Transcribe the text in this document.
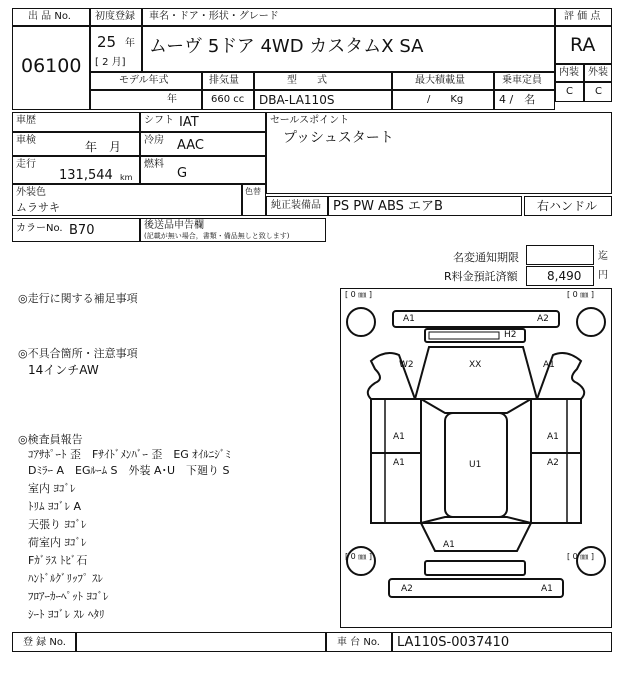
出 品 No.
06100
初度登録 車名・ドア・形状・グレード
25 年
[ 2 月]
ムーヴ 5ドア 4WD カスタムX SA
モデル年式	排気量	型　　式	最大積載量	乗車定員
年	660 cc DBA-LA110S	/　　Kg	4 /　名
評 価 点
RA
内装 外装
C C
車歴	シフト IAT
車検	年　月 冷房 AAC
走行
131,544 km
燃料
G
セールスポイント
プッシュスタート
外装色
ムラサキ
色替
純正装備品 PS PW ABS エアB	右ハンドル
カラーNo. B70	後送品申告欄
(記載が無い場合，書類・備品無しと致します)
名変通知期限	迄
R料金預託済額 8,490 円
◎走行に関する補足事項
◎不具合箇所・注意事項
14インチAW
◎検査員報告
ｺｱｻﾎﾟｰﾄ 歪　Fｻｲﾄﾞﾒﾝﾊﾞｰ 歪　EG ｵｲﾙﾆｼﾞﾐ
Dﾐﾗｰ A　EGﾙｰﾑ S　外装 A･U　下廻り S
室内 ﾖｺﾞﾚ
ﾄﾘﾑ ﾖｺﾞﾚ A
天張り ﾖｺﾞﾚ
荷室内 ﾖｺﾞﾚ
Fｶﾞﾗｽ ﾄﾋﾞ石
ﾊﾝﾄﾞﾙｸﾞﾘｯﾌﾟ ｽﾚ
ﾌﾛｱｰｶｰﾍﾟｯﾄ ﾖｺﾞﾚ
ｼｰﾄ ﾖｺﾞﾚ ｽﾚ ﾍﾀﾘ
[ 0 ㎜ ]	[ 0 ㎜ ]
[ 0 ㎜ ]	[ 0 ㎜ ]
A1	A2
H2
W2	XX	A1
A1	A1
A1	U1	A2
A1
A2	A1
登 録 No.	車 台 No. LA110S-0037410
